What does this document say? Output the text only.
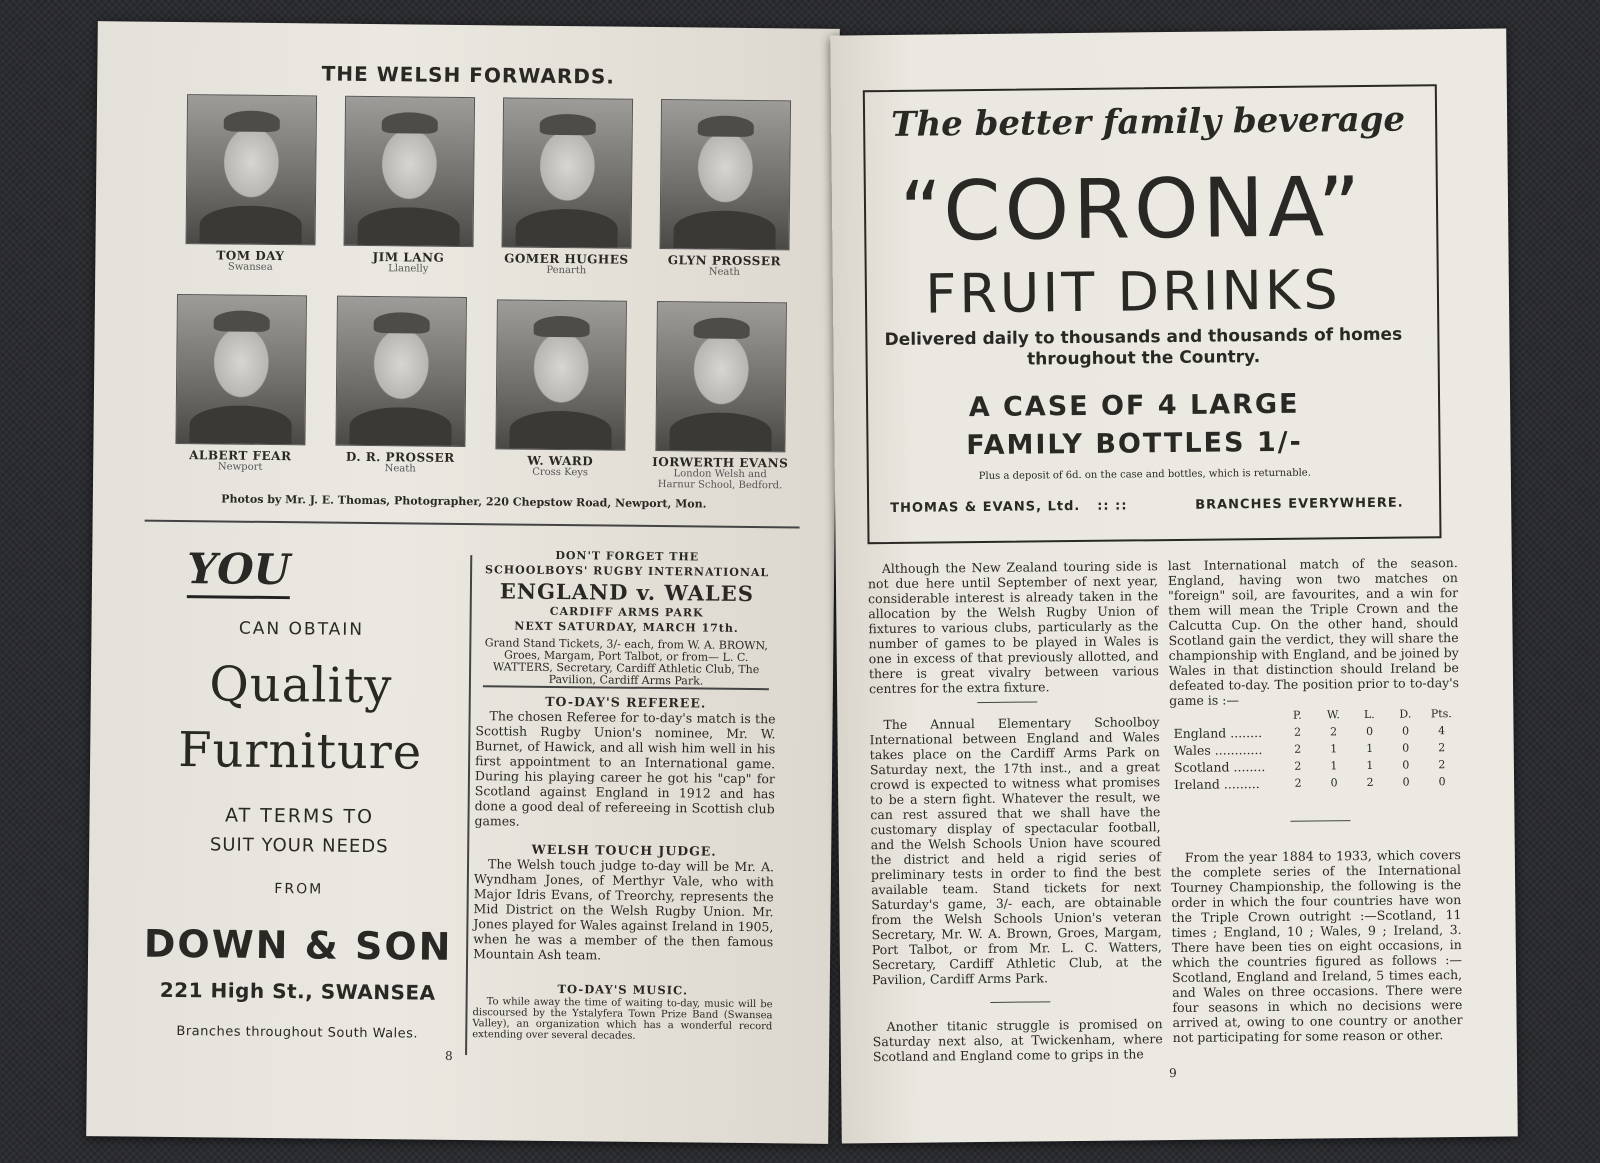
THE WELSH FORWARDS.
TOM DAY
Swansea
JIM LANG
Llanelly
GOMER HUGHES
Penarth
GLYN PROSSER
Neath
ALBERT FEAR
Newport
D. R. PROSSER
Neath
W. WARD
Cross Keys
IORWERTH EVANS
London Welsh and
Harnur School, Bedford.
Photos by Mr. J. E. Thomas, Photographer, 220 Chepstow Road, Newport, Mon.
YOU
CAN OBTAIN
Quality
Furniture
AT TERMS TO
SUIT YOUR NEEDS
FROM
DOWN & SON
221 High St., SWANSEA
Branches throughout South Wales.
DON'T FORGET THE
SCHOOLBOYS' RUGBY INTERNATIONAL
ENGLAND v. WALES
CARDIFF ARMS PARK
NEXT SATURDAY, MARCH 17th.
Grand Stand Tickets, 3/- each, from W. A. BROWN, Groes, Margam, Port Talbot, or from— L. C. WATTERS, Secretary, Cardiff Athletic Club, The Pavilion, Cardiff Arms Park.
TO-DAY'S REFEREE.
The chosen Referee for to-day's match is the Scottish Rugby Union's nominee, Mr. W. Burnet, of Hawick, and all wish him well in his first appointment to an International game. During his playing career he got his "cap" for Scotland against England in 1912 and has done a good deal of refereeing in Scottish club games.
WELSH TOUCH JUDGE.
The Welsh touch judge to-day will be Mr. A. Wyndham Jones, of Merthyr Vale, who with Major Idris Evans, of Treorchy, represents the Mid District on the Welsh Rugby Union. Mr. Jones played for Wales against Ireland in 1905, when he was a member of the then famous Mountain Ash team.
TO-DAY'S MUSIC.
To while away the time of waiting to-day, music will be discoursed by the Ystalyfera Town Prize Band (Swansea Valley), an organization which has a wonderful record extending over several decades.
8
The better family beverage
“CORONA”
FRUIT DRINKS
Delivered daily to thousands and thousands of homes throughout the Country.
A CASE OF 4 LARGE
FAMILY BOTTLES 1/-
Plus a deposit of 6d. on the case and bottles, which is returnable.
THOMAS & EVANS, Ltd. :: ::	BRANCHES EVERYWHERE.
Although the New Zealand touring side is not due here until September of next year, considerable interest is already taken in the allocation by the Welsh Rugby Union of fixtures to various clubs, particularly as the number of games to be played in Wales is one in excess of that previously allotted, and there is great vivalry between various centres for the extra fixture.
The Annual Elementary Schoolboy International between England and Wales takes place on the Cardiff Arms Park on Saturday next, the 17th inst., and a great crowd is expected to witness what promises to be a stern fight. Whatever the result, we can rest assured that we shall have the customary display of spectacular football, and the Welsh Schools Union have scoured the district and held a rigid series of preliminary tests in order to find the best available team. Stand tickets for next Saturday's game, 3/- each, are obtainable from the Welsh Schools Union's veteran Secretary, Mr. W. A. Brown, Groes, Margam, Port Talbot, or from Mr. L. C. Watters, Secretary, Cardiff Athletic Club, at the Pavilion, Cardiff Arms Park.
Another titanic struggle is promised on Saturday next also, at Twickenham, where Scotland and England come to grips in the
last International match of the season. England, having won two matches on "foreign" soil, are favourites, and a win for them will mean the Triple Crown and the Calcutta Cup. On the other hand, should Scotland gain the verdict, they will share the championship with England, and be joined by Wales in that distinction should Ireland be defeated to-day. The position prior to to-day's game is :—
	P.	W.	L.	D.	Pts.
England ........	2	2	0	0	4
Wales ............	2	1	1	0	2
Scotland ........	2	1	1	0	2
Ireland .........	2	0	2	0	0
From the year 1884 to 1933, which covers the complete series of the International Tourney Championship, the following is the order in which the four countries have won the Triple Crown outright :—Scotland, 11 times ; England, 10 ; Wales, 9 ; Ireland, 3. There have been ties on eight occasions, in which the countries figured as follows :— Scotland, England and Ireland, 5 times each, and Wales on three occasions. There were four seasons in which no decisions were arrived at, owing to one country or another not participating for some reason or other.
9
